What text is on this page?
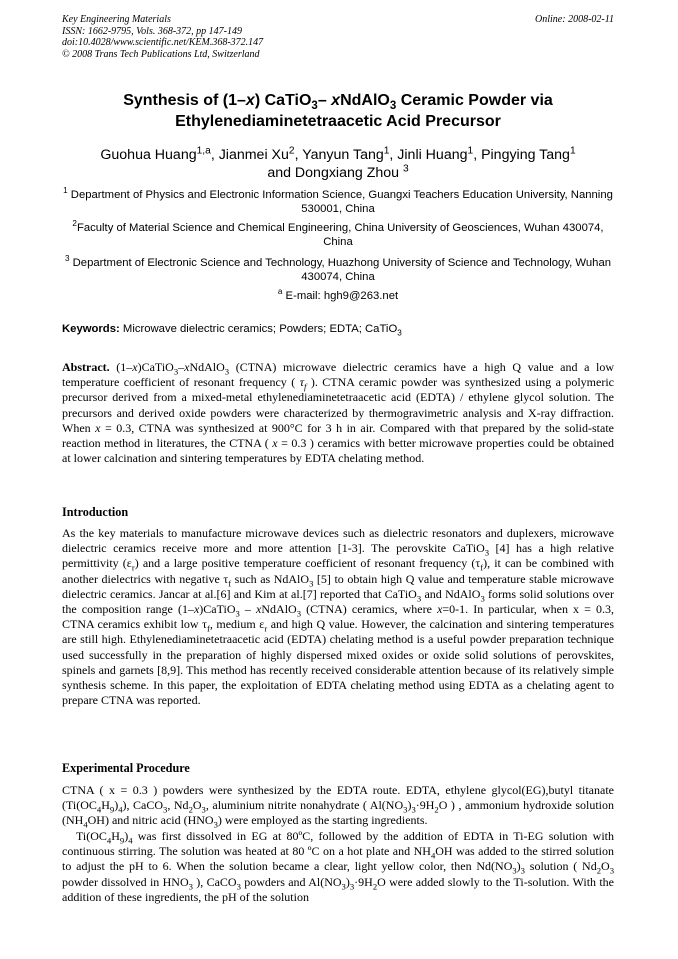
Key Engineering Materials
ISSN: 1662-9795, Vols. 368-372, pp 147-149
doi:10.4028/www.scientific.net/KEM.368-372.147
© 2008 Trans Tech Publications Ltd, Switzerland
Online: 2008-02-11
Synthesis of (1–x) CaTiO$_3$– xNdAlO$_3$ Ceramic Powder via
Ethylenediaminetetraacetic Acid Precursor
Guohua Huang$^{1,a}$, Jianmei Xu$^2$, Yanyun Tang$^1$, Jinli Huang$^1$, Pingying Tang$^1$
and Dongxiang Zhou $^3$
$^1$ Department of Physics and Electronic Information Science, Guangxi Teachers Education University, Nanning 530001, China
$^2$Faculty of Material Science and Chemical Engineering, China University of Geosciences, Wuhan 430074, China
$^3$ Department of Electronic Science and Technology, Huazhong University of Science and Technology, Wuhan 430074, China
$^a$ E-mail: hgh9@263.net
Keywords: Microwave dielectric ceramics; Powders; EDTA; CaTiO$_3$
Abstract. (1–x)CaTiO$_3$–xNdAlO$_3$ (CTNA) microwave dielectric ceramics have a high Q value and a low temperature coefficient of resonant frequency ( $\tau_f$ ). CTNA ceramic powder was synthesized using a polymeric precursor derived from a mixed-metal ethylenediaminetetraacetic acid (EDTA) / ethylene glycol solution. The precursors and derived oxide powders were characterized by thermogravimetric analysis and X-ray diffraction. When x = 0.3, CTNA was synthesized at 900°C for 3 h in air. Compared with that prepared by the solid-state reaction method in literatures, the CTNA ( x = 0.3 ) ceramics with better microwave properties could be obtained at lower calcination and sintering temperatures by EDTA chelating method.
Introduction
As the key materials to manufacture microwave devices such as dielectric resonators and duplexers, microwave dielectric ceramics receive more and more attention [1-3]. The perovskite CaTiO$_3$ [4] has a high relative permittivity $(\varepsilon_r)$ and a large positive temperature coefficient of resonant frequency $(\tau_f)$, it can be combined with another dielectrics with negative $\tau_f$ such as NdAlO$_3$ [5] to obtain high Q value and temperature stable microwave dielectric ceramics. Jancar at al.[6] and Kim at al.[7] reported that CaTiO$_3$ and NdAlO$_3$ forms solid solutions over the composition range (1–x)CaTiO$_3$ – xNdAlO$_3$ (CTNA) ceramics, where x=0-1. In particular, when x = 0.3, CTNA ceramics exhibit low $\tau_f$, medium $\varepsilon_r$ and high Q value. However, the calcination and sintering temperatures are still high. Ethylenediaminetetraacetic acid (EDTA) chelating method is a useful powder preparation technique used successfully in the preparation of highly dispersed mixed oxides or oxide solid solutions of perovskites, spinels and garnets [8,9]. This method has recently received considerable attention because of its relatively simple synthesis scheme. In this paper, the exploitation of EDTA chelating method using EDTA as a chelating agent to prepare CTNA was reported.
Experimental Procedure
CTNA ( x = 0.3 ) powders were synthesized by the EDTA route. EDTA, ethylene glycol(EG),butyl titanate $(Ti(OC_4H_9)_4)$, CaCO$_3$, $Nd_2O_3$, aluminium nitrite nonahydrate ( $Al(NO_3)_3\cdot 9H_2O$ ) , ammonium hydroxide solution $(NH_4OH)$ and nitric acid $(HNO_3)$ were employed as the starting ingredients.
$Ti(OC_4H_9)_4$ was first dissolved in EG at 80ºC, followed by the addition of EDTA in Ti-EG solution with continuous stirring. The solution was heated at 80 ºC on a hot plate and $NH_4OH$ was added to the stirred solution to adjust the pH to 6. When the solution became a clear, light yellow color, then $Nd(NO_3)_3$ solution ( $Nd_2O_3$ powder dissolved in $HNO_3$ ), CaCO$_3$ powders and $Al(NO_3)_3\cdot 9H_2O$ were added slowly to the Ti-solution. With the addition of these ingredients, the pH of the solution
